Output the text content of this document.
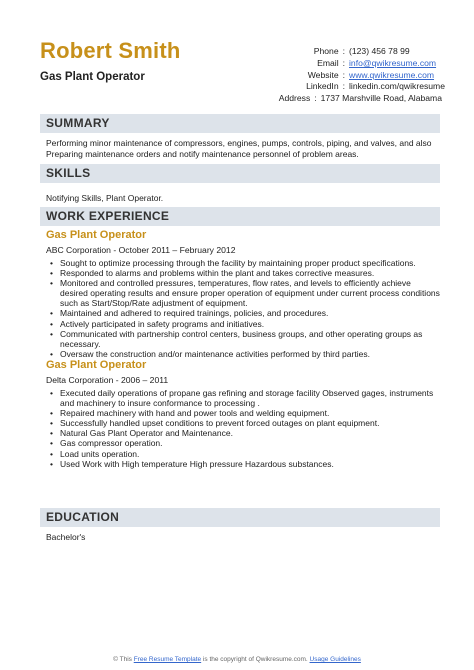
Robert Smith
Gas Plant Operator
Phone : (123) 456 78 99
Email : info@qwikresume.com
Website : www.qwikresume.com
LinkedIn : linkedin.com/qwikresume
Address : 1737 Marshville Road, Alabama
SUMMARY
Performing minor maintenance of compressors, engines, pumps, controls, piping, and valves, and also Preparing maintenance orders and notify maintenance personnel of problem areas.
SKILLS
Notifying Skills, Plant Operator.
WORK EXPERIENCE
Gas Plant Operator
ABC Corporation - October 2011 – February 2012
• Sought to optimize processing through the facility by maintaining proper product specifications.
• Responded to alarms and problems within the plant and takes corrective measures.
• Monitored and controlled pressures, temperatures, flow rates, and levels to efficiently achieve desired operating results and ensure proper operation of equipment under current process conditions such as Start/Stop/Rate adjustment of equipment.
• Maintained and adhered to required trainings, policies, and procedures.
• Actively participated in safety programs and initiatives.
• Communicated with partnership control centers, business groups, and other operating groups as necessary.
• Oversaw the construction and/or maintenance activities performed by third parties.
Gas Plant Operator
Delta Corporation - 2006 – 2011
• Executed daily operations of propane gas refining and storage facility Observed gages, instruments and machinery to insure conformance to processing .
• Repaired machinery with hand and power tools and welding equipment.
• Successfully handled upset conditions to prevent forced outages on plant equipment.
• Natural Gas Plant Operator and Maintenance.
• Gas compressor operation.
• Load units operation.
• Used Work with High temperature High pressure Hazardous substances.
EDUCATION
Bachelor's
© This Free Resume Template is the copyright of Qwikresume.com. Usage Guidelines
